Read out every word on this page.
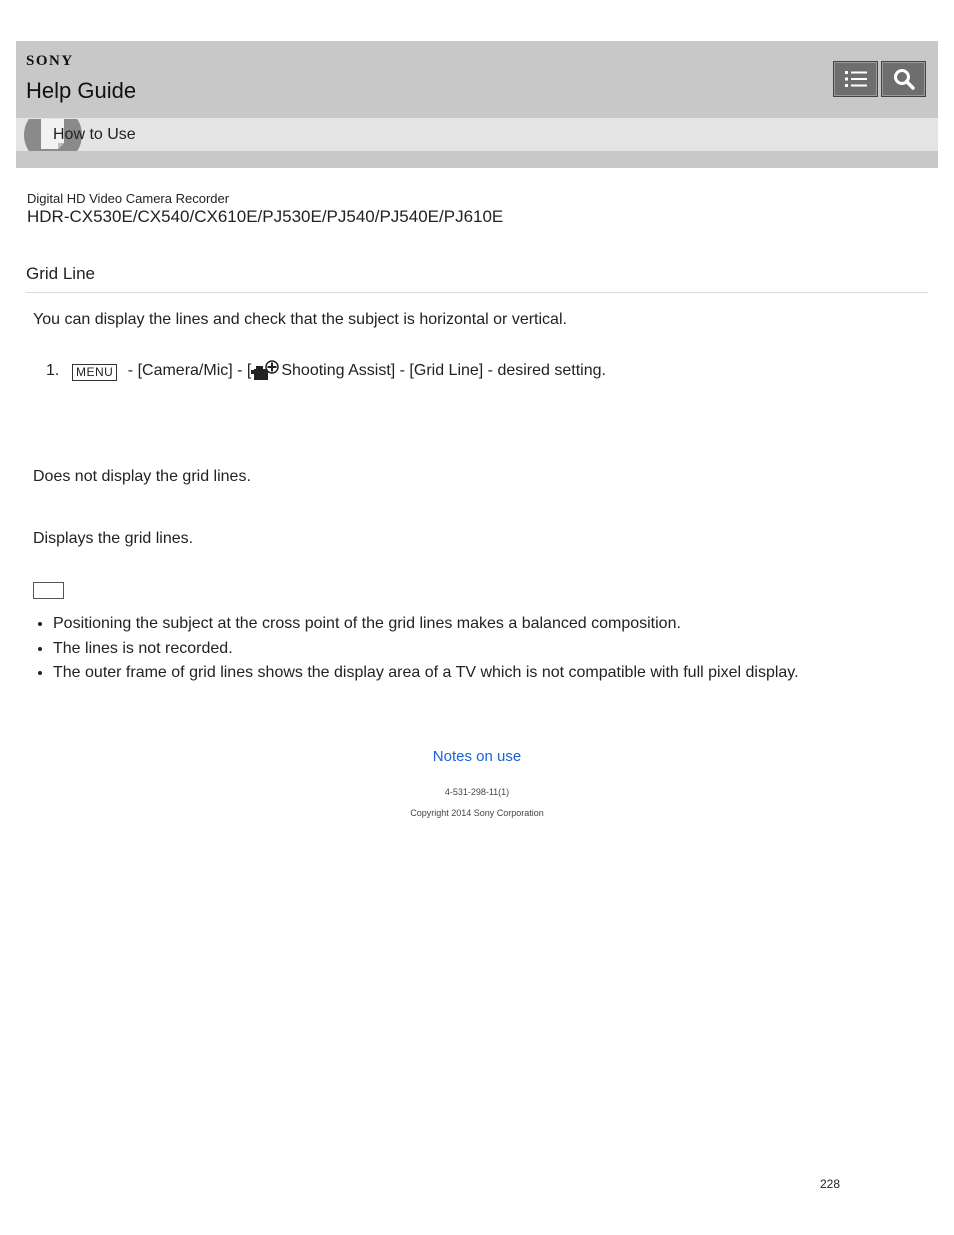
SONY
Help Guide
How to Use
Digital HD Video Camera Recorder
HDR-CX530E/CX540/CX610E/PJ530E/PJ540/PJ540E/PJ610E
Grid Line
You can display the lines and check that the subject is horizontal or vertical.
1.	MENU - [Camera/Mic] - [ Shooting Assist] - [Grid Line] - desired setting.
Does not display the grid lines.
Displays the grid lines.
• Positioning the subject at the cross point of the grid lines makes a balanced composition.
• The lines is not recorded.
• The outer frame of grid lines shows the display area of a TV which is not compatible with full pixel display.
Notes on use
4-531-298-11(1)
Copyright 2014 Sony Corporation
228
